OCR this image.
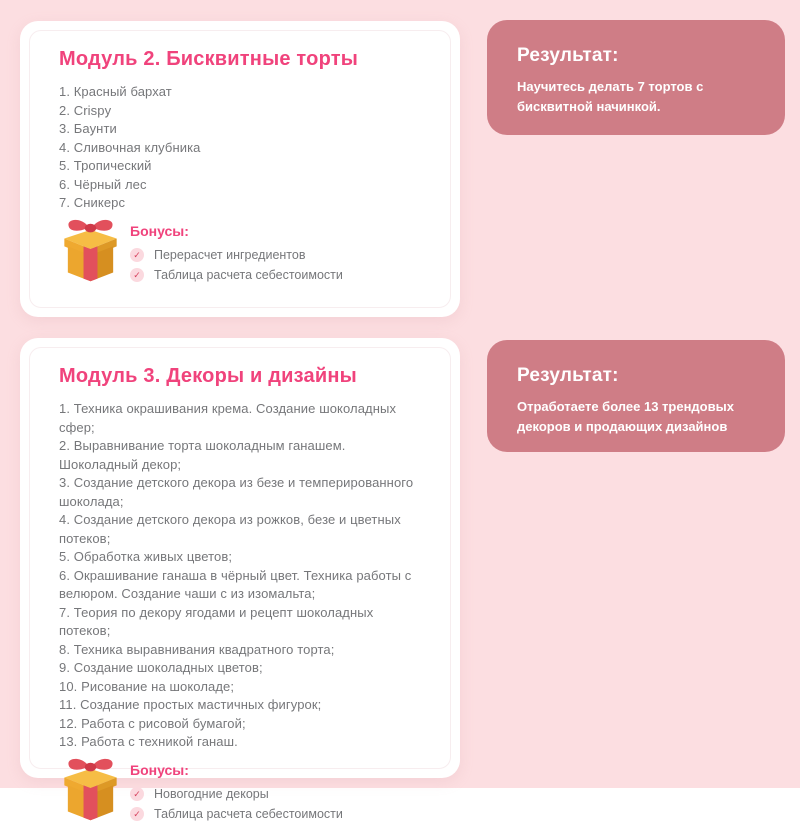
Модуль 2. Бисквитные торты
1. Красный бархат
2. Crispy
3. Баунти
4. Сливочная клубника
5. Тропический
6. Чёрный лес
7. Сникерс

Бонусы:

✓ Перерасчет ингредиентов
✓ Таблица расчета себестоимости
Результат:

Научитесь делать 7 тортов с бисквитной начинкой.

Модуль 3. Декоры и дизайны
1. Техника окрашивания крема. Создание шоколадных сфер;
2. Выравнивание торта шоколадным ганашем. Шоколадный декор;
3. Создание детского декора из безе и темперированного шоколада;
4. Создание детского декора из рожков, безе и цветных потеков;
5. Обработка живых цветов;
6. Окрашивание ганаша в чёрный цвет. Техника работы с велюром. Создание чаши с из изомальта;
7. Теория по декору ягодами и рецепт шоколадных потеков;
8. Техника выравнивания квадратного торта;
9. Создание шоколадных цветов;
10. Рисование на шоколаде;
11. Создание простых мастичных фигурок;
12. Работа с рисовой бумагой;
13. Работа с техникой ганаш.

Бонусы:

✓ Новогодние декоры
✓ Таблица расчета себестоимости
Результат:

Отработаете более 13 трендовых декоров и продающих дизайнов
